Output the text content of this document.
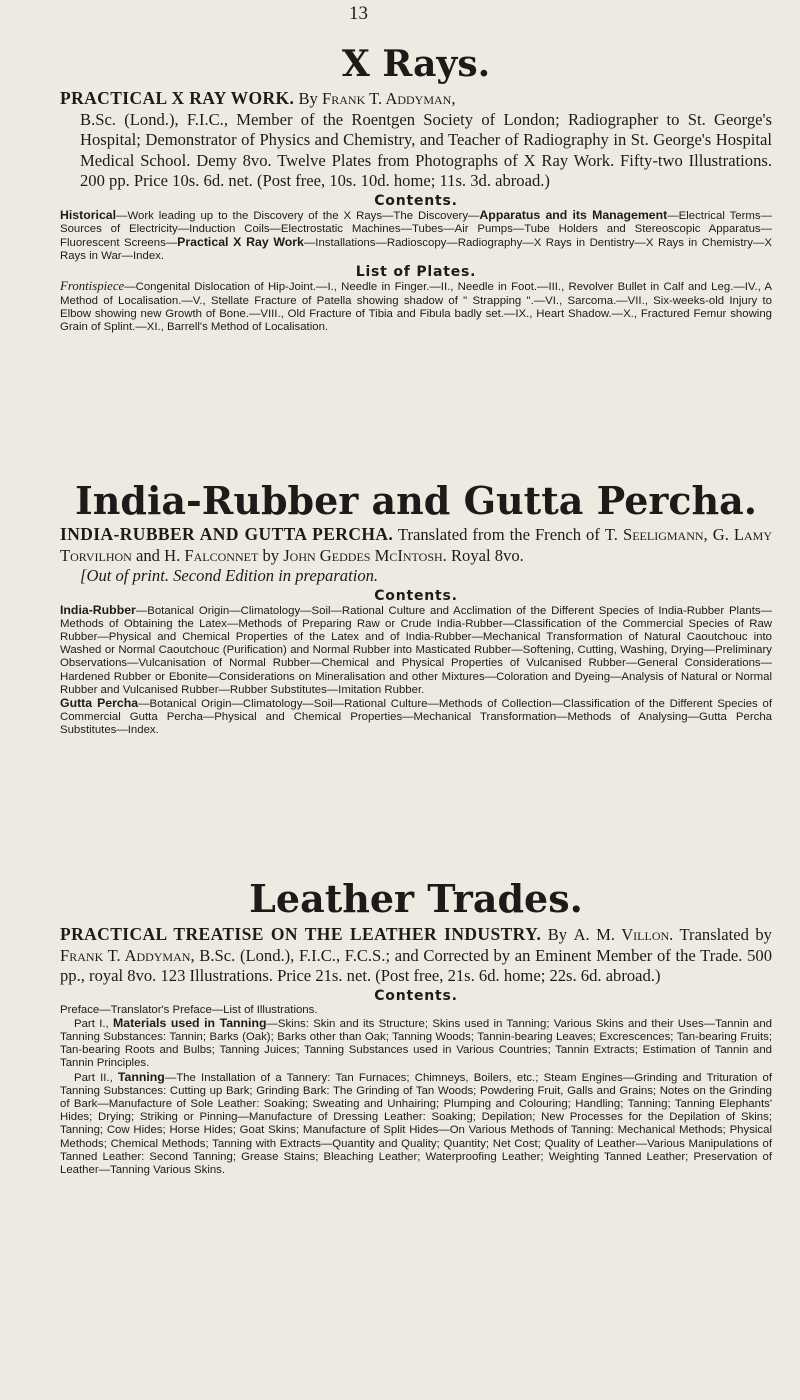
13
X Rays.

PRACTICAL X RAY WORK. By Frank T. Addyman,
B.Sc. (Lond.), F.I.C., Member of the Roentgen Society of London; Radiographer to St. George's Hospital; Demonstrator of Physics and Chemistry, and Teacher of Radiography in St. George's Hospital Medical School. Demy 8vo. Twelve Plates from Photographs of X Ray Work. Fifty-two Illustrations. 200 pp. Price 10s. 6d. net. (Post free, 10s. 10d. home; 11s. 3d. abroad.)

Contents.

Historical—Work leading up to the Discovery of the X Rays—The Discovery—Apparatus and its Management—Electrical Terms—Sources of Electricity—Induction Coils—Electrostatic Machines—Tubes—Air Pumps—Tube Holders and Stereoscopic Apparatus—Fluorescent Screens—Practical X Ray Work—Installations—Radioscopy—Radiography—X Rays in Dentistry—X Rays in Chemistry—X Rays in War—Index.

List of Plates.

Frontispiece—Congenital Dislocation of Hip-Joint.—I., Needle in Finger.—II., Needle in Foot.—III., Revolver Bullet in Calf and Leg.—IV., A Method of Localisation.—V., Stellate Fracture of Patella showing shadow of " Strapping ".—VI., Sarcoma.—VII., Six-weeks-old Injury to Elbow showing new Growth of Bone.—VIII., Old Fracture of Tibia and Fibula badly set.—IX., Heart Shadow.—X., Fractured Femur showing Grain of Splint.—XI., Barrell's Method of Localisation.

India-Rubber and Gutta Percha.

INDIA-RUBBER AND GUTTA PERCHA. Translated from the French of T. Seeligmann, G. Lamy Torvilhon and H. Falconnet by John Geddes McIntosh. Royal 8vo.
[Out of print. Second Edition in preparation.

Contents.

India-Rubber—Botanical Origin—Climatology—Soil—Rational Culture and Acclimation of the Different Species of India-Rubber Plants—Methods of Obtaining the Latex—Methods of Preparing Raw or Crude India-Rubber—Classification of the Commercial Species of Raw Rubber—Physical and Chemical Properties of the Latex and of India-Rubber—Mechanical Transformation of Natural Caoutchouc into Washed or Normal Caoutchouc (Purification) and Normal Rubber into Masticated Rubber—Softening, Cutting, Washing, Drying—Preliminary Observations—Vulcanisation of Normal Rubber—Chemical and Physical Properties of Vulcanised Rubber—General Considerations—Hardened Rubber or Ebonite—Considerations on Mineralisation and other Mixtures—Coloration and Dyeing—Analysis of Natural or Normal Rubber and Vulcanised Rubber—Rubber Substitutes—Imitation Rubber.
Gutta Percha—Botanical Origin—Climatology—Soil—Rational Culture—Methods of Collection—Classification of the Different Species of Commercial Gutta Percha—Physical and Chemical Properties—Mechanical Transformation—Methods of Analysing—Gutta Percha Substitutes—Index.

Leather Trades.

PRACTICAL TREATISE ON THE LEATHER INDUSTRY. By A. M. Villon. Translated by Frank T. Addyman, B.Sc. (Lond.), F.I.C., F.C.S.; and Corrected by an Eminent Member of the Trade. 500 pp., royal 8vo. 123 Illustrations. Price 21s. net. (Post free, 21s. 6d. home; 22s. 6d. abroad.)

Contents.

Preface—Translator's Preface—List of Illustrations.

Part I., Materials used in Tanning—Skins: Skin and its Structure; Skins used in Tanning; Various Skins and their Uses—Tannin and Tanning Substances: Tannin; Barks (Oak); Barks other than Oak; Tanning Woods; Tannin-bearing Leaves; Excrescences; Tan-bearing Fruits; Tan-bearing Roots and Bulbs; Tanning Juices; Tanning Substances used in Various Countries; Tannin Extracts; Estimation of Tannin and Tannin Principles.

Part II., Tanning—The Installation of a Tannery: Tan Furnaces; Chimneys, Boilers, etc.; Steam Engines—Grinding and Trituration of Tanning Substances: Cutting up Bark; Grinding Bark: The Grinding of Tan Woods; Powdering Fruit, Galls and Grains; Notes on the Grinding of Bark—Manufacture of Sole Leather: Soaking; Sweating and Unhairing; Plumping and Colouring; Handling; Tanning; Tanning Elephants' Hides; Drying; Striking or Pinning—Manufacture of Dressing Leather: Soaking; Depilation; New Processes for the Depilation of Skins; Tanning; Cow Hides; Horse Hides; Goat Skins; Manufacture of Split Hides—On Various Methods of Tanning: Mechanical Methods; Physical Methods; Chemical Methods; Tanning with Extracts—Quantity and Quality; Quantity; Net Cost; Quality of Leather—Various Manipulations of Tanned Leather: Second Tanning; Grease Stains; Bleaching Leather; Waterproofing Leather; Weighting Tanned Leather; Preservation of Leather—Tanning Various Skins.
